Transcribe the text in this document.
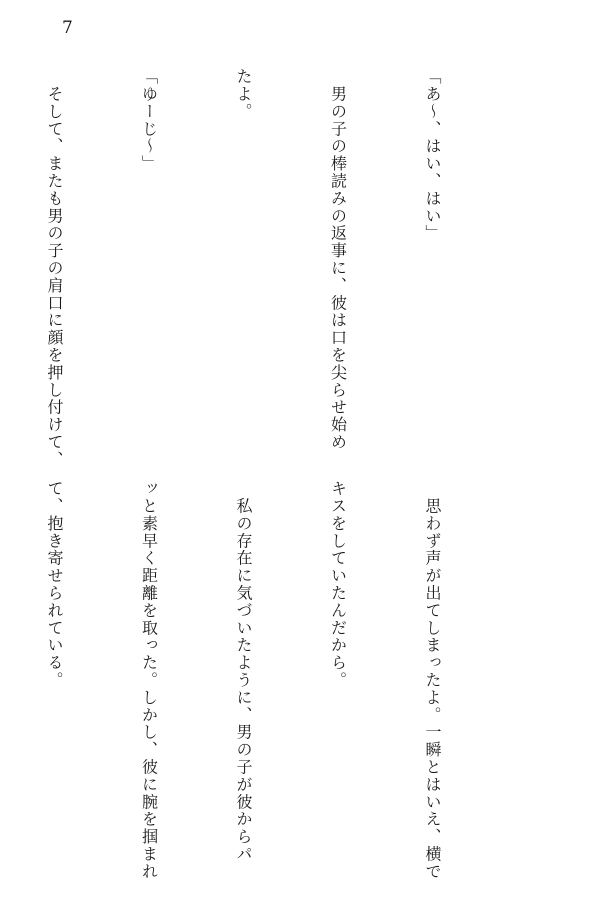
7

「あ～、はい、はい」

　男の子の棒読みの返事に、彼は口を尖らせ始め

たよ。

「ゆーじ～」

　そして、またも男の子の肩口に顔を押し付けて、

　思わず声が出てしまったよ。一瞬とはいえ、横で

キスをしていたんだから。

　私の存在に気づいたように、男の子が彼からパ

ッと素早く距離を取った。しかし、彼に腕を掴まれ

て、抱き寄せられている。
